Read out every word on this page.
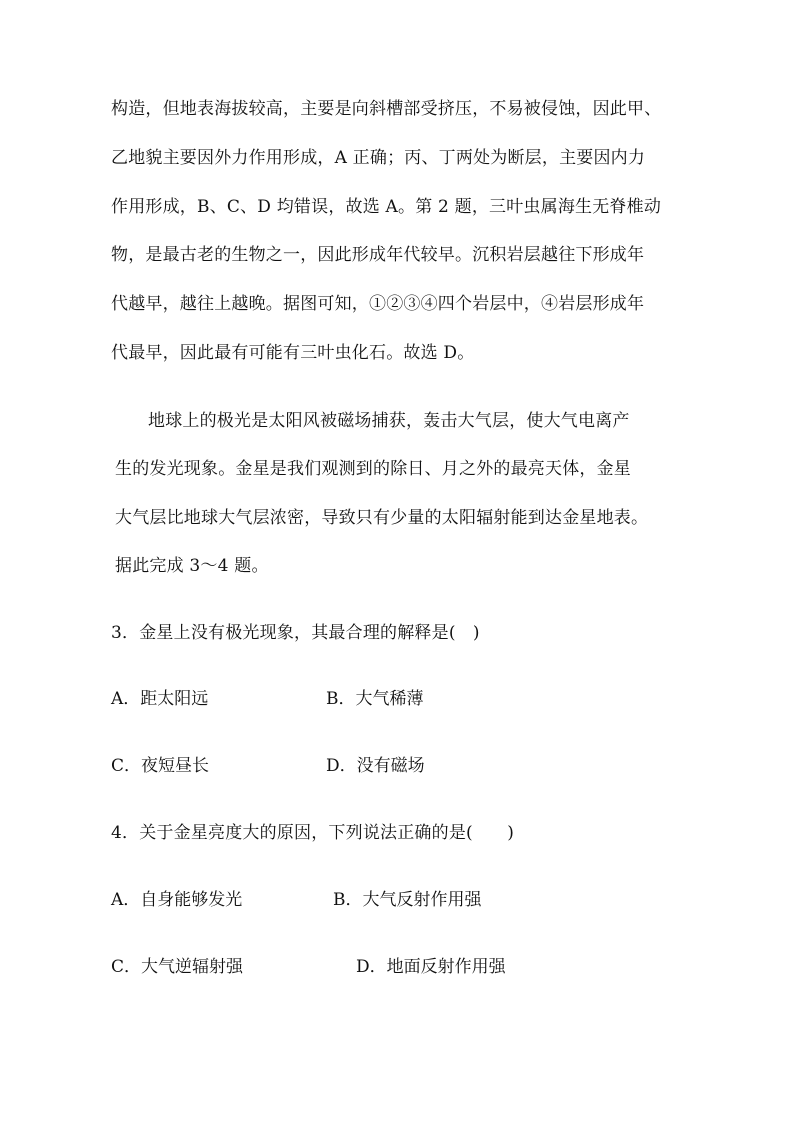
构造，但地表海拔较高，主要是向斜槽部受挤压，不易被侵蚀，因此甲、
乙地貌主要因外力作用形成，A 正确；丙、丁两处为断层，主要因内力
作用形成，B、C、D 均错误，故选 A。第 2 题，三叶虫属海生无脊椎动
物，是最古老的生物之一，因此形成年代较早。沉积岩层越往下形成年
代越早，越往上越晚。据图可知，①②③④四个岩层中，④岩层形成年
代最早，因此最有可能有三叶虫化石。故选 D。
地球上的极光是太阳风被磁场捕获，轰击大气层，使大气电离产
生的发光现象。金星是我们观测到的除日、月之外的最亮天体，金星
大气层比地球大气层浓密，导致只有少量的太阳辐射能到达金星地表。
据此完成 3～4 题。
3．金星上没有极光现象，其最合理的解释是(　)
A．距太阳远	B．大气稀薄
C．夜短昼长	D．没有磁场
4．关于金星亮度大的原因，下列说法正确的是(　　)
A．自身能够发光	B．大气反射作用强
C．大气逆辐射强	D．地面反射作用强
